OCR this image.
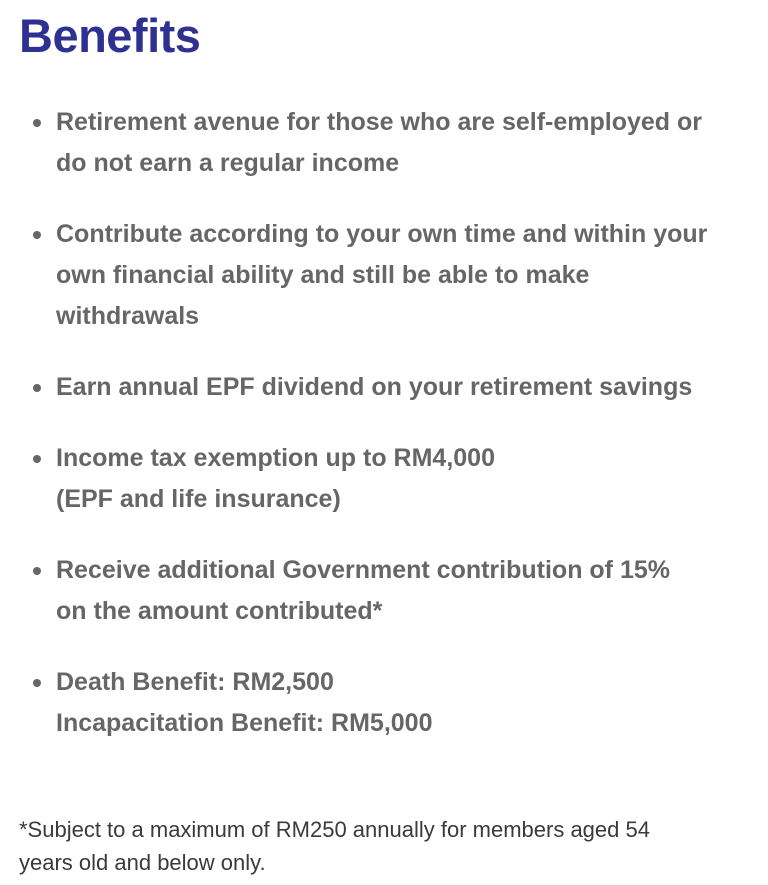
Benefits
Retirement avenue for those who are self-employed or
do not earn a regular income
Contribute according to your own time and within your
own financial ability and still be able to make
withdrawals
Earn annual EPF dividend on your retirement savings
Income tax exemption up to RM4,000
(EPF and life insurance)
Receive additional Government contribution of 15%
on the amount contributed*
Death Benefit: RM2,500
Incapacitation Benefit: RM5,000

*Subject to a maximum of RM250 annually for members aged 54
years old and below only.
